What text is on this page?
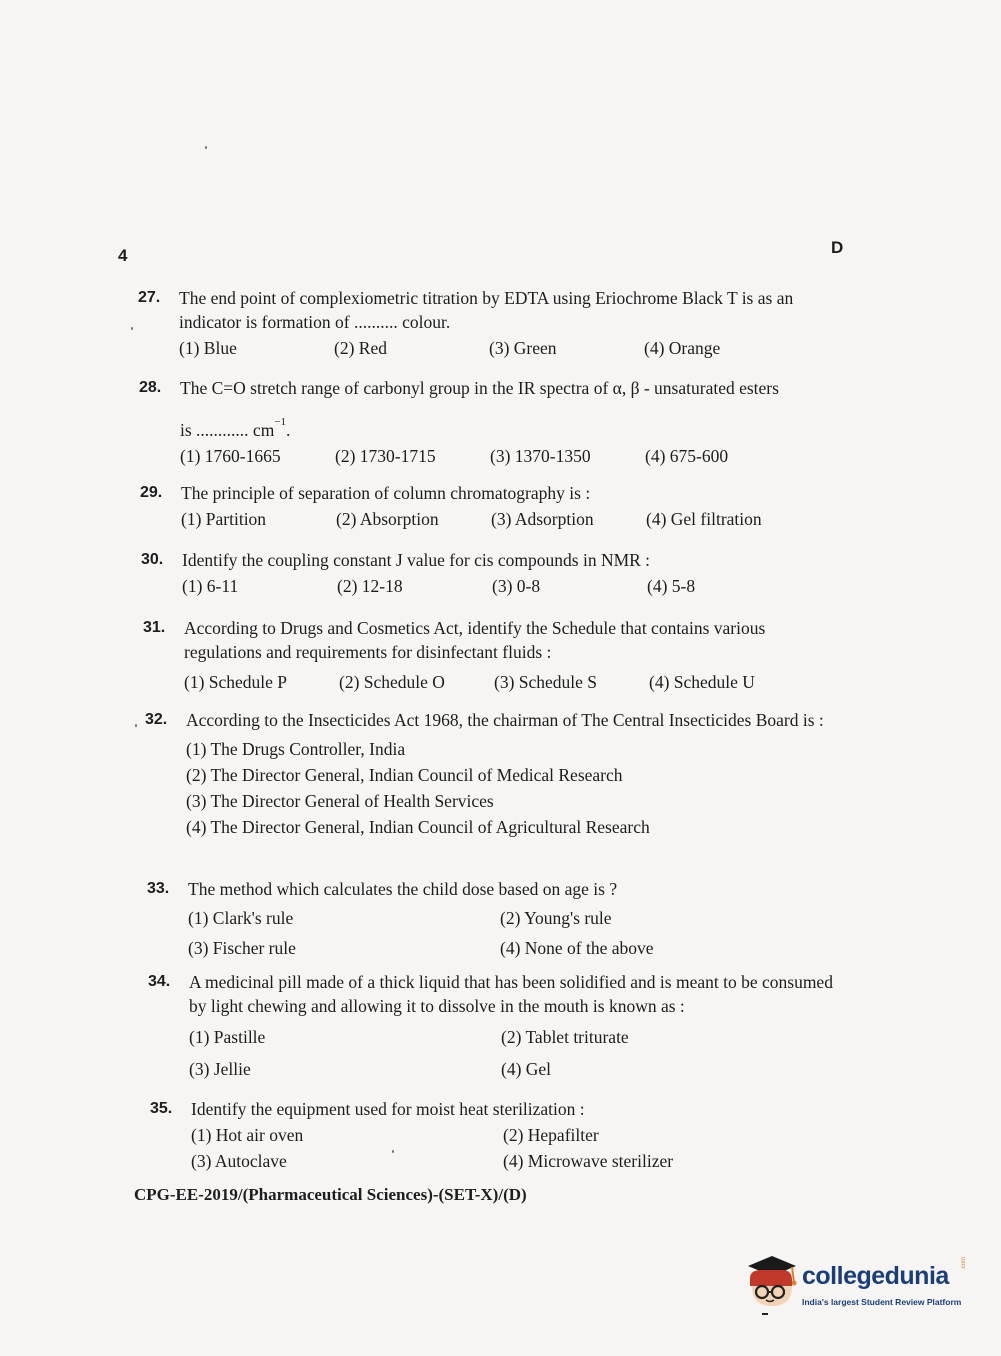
4	D
27. The end point of complexiometric titration by EDTA using Eriochrome Black T is as an indicator is formation of .......... colour.
(1) Blue	(2) Red	(3) Green	(4) Orange
28. The C=O stretch range of carbonyl group in the IR spectra of α, β - unsaturated esters
is ............ $cm^{-1}$.
(1) 1760-1665	(2) 1730-1715	(3) 1370-1350	(4) 675-600
29. The principle of separation of column chromatography is :
(1) Partition	(2) Absorption	(3) Adsorption	(4) Gel filtration
30. Identify the coupling constant J value for cis compounds in NMR :
(1) 6-11	(2) 12-18	(3) 0-8	(4) 5-8
31. According to Drugs and Cosmetics Act, identify the Schedule that contains various regulations and requirements for disinfectant fluids :
(1) Schedule P	(2) Schedule O	(3) Schedule S	(4) Schedule U
32. According to the Insecticides Act 1968, the chairman of The Central Insecticides Board is :
(1) The Drugs Controller, India
(2) The Director General, Indian Council of Medical Research
(3) The Director General of Health Services
(4) The Director General, Indian Council of Agricultural Research
33. The method which calculates the child dose based on age is ?
(1) Clark's rule	(2) Young's rule
(3) Fischer rule	(4) None of the above
34. A medicinal pill made of a thick liquid that has been solidified and is meant to be consumed by light chewing and allowing it to dissolve in the mouth is known as :
(1) Pastille	(2) Tablet triturate
(3) Jellie	(4) Gel
35. Identify the equipment used for moist heat sterilization :
(1) Hot air oven	(2) Hepafilter
(3) Autoclave	(4) Microwave sterilizer
CPG-EE-2019/(Pharmaceutical Sciences)-(SET-X)/(D)
collegedunia .com
India's largest Student Review Platform
